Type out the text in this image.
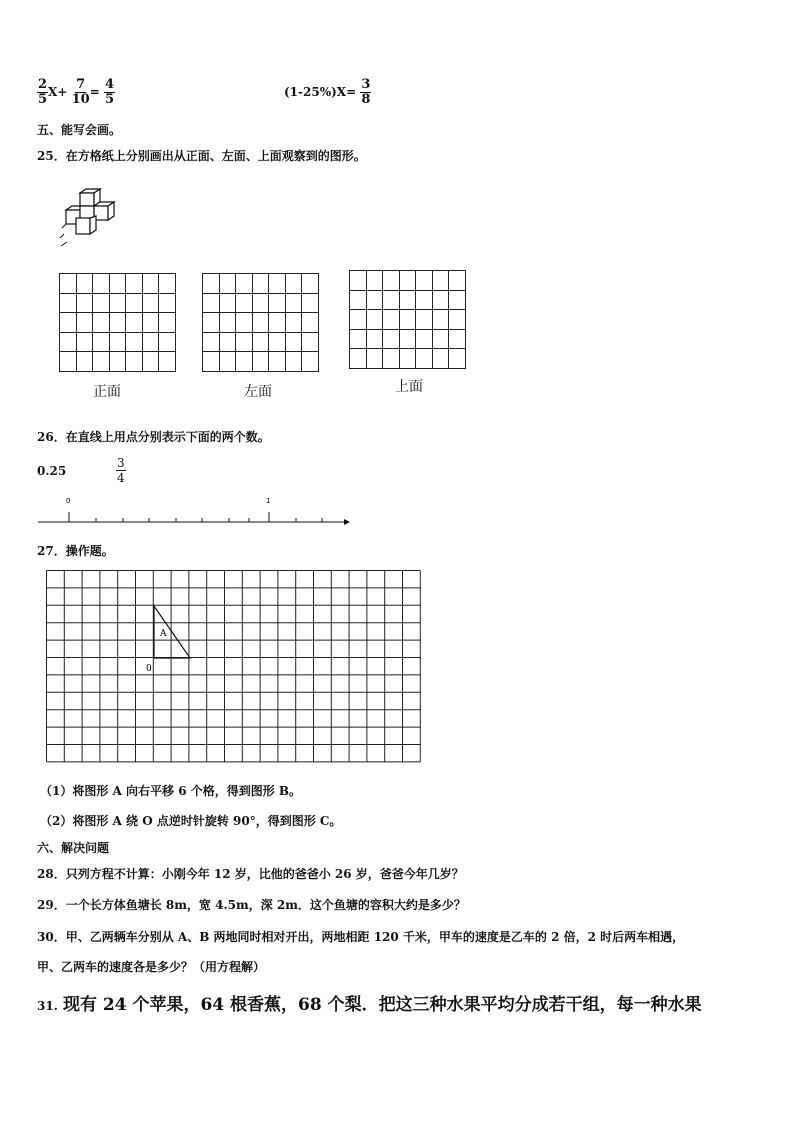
$\frac{2}{5} X+ \frac{7}{10} = \frac{4}{5}$	$(1-25\%)X= \frac{3}{8}$
五、能写会画。
25．在方格纸上分别画出从正面、左面、上面观察到的图形。

正面

							左面

							上面
26．在直线上用点分别表示下面的两个数。
0.25	$\frac{3}{4}$
0	1
27．操作题。
A
0
（1）将图形 A 向右平移 6 个格，得到图形 B。
（2）将图形 A 绕 O 点逆时针旋转 90°，得到图形 C。
六、解决问题
28．只列方程不计算：小刚今年 12 岁，比他的爸爸小 26 岁，爸爸今年几岁？
29．一个长方体鱼塘长 8m，宽 4.5m，深 2m．这个鱼塘的容积大约是多少？
30．甲、乙两辆车分别从 A、B 两地同时相对开出，两地相距 120 千米，甲车的速度是乙车的 2 倍，2 时后两车相遇，
甲、乙两车的速度各是多少？（用方程解）
31. 现有 24 个苹果，64 根香蕉，68 个梨．把这三种水果平均分成若干组，每一种水果
